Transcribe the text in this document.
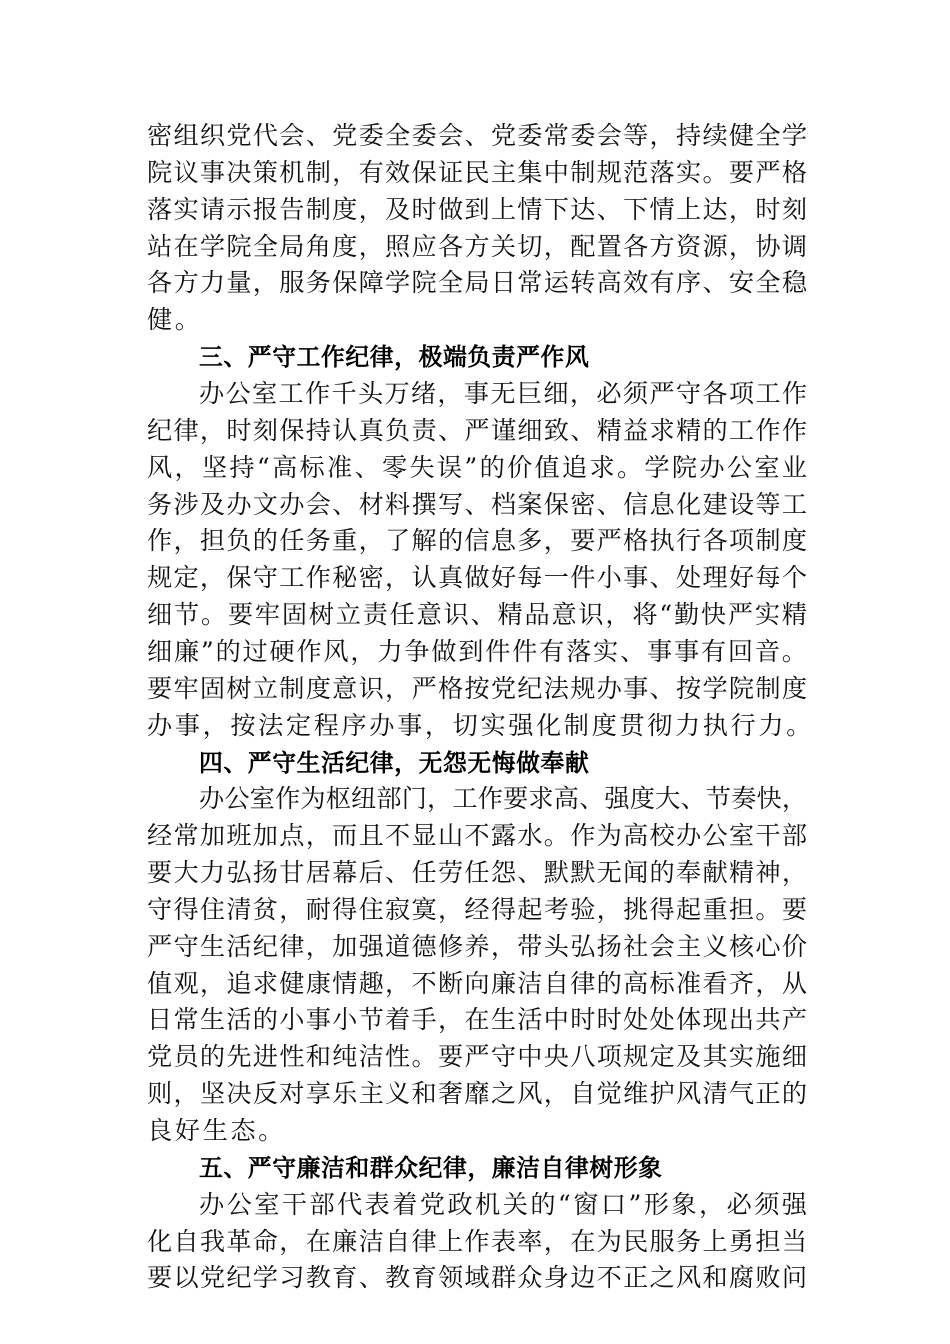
密组织党代会、党委全委会、党委常委会等，持续健全学
院议事决策机制，有效保证民主集中制规范落实。要严格
落实请示报告制度，及时做到上情下达、下情上达，时刻
站在学院全局角度，照应各方关切，配置各方资源，协调
各方力量，服务保障学院全局日常运转高效有序、安全稳
健。
三、严守工作纪律，极端负责严作风
办公室工作千头万绪，事无巨细，必须严守各项工作
纪律，时刻保持认真负责、严谨细致、精益求精的工作作
风，坚持“高标准、零失误”的价值追求。学院办公室业
务涉及办文办会、材料撰写、档案保密、信息化建设等工
作，担负的任务重，了解的信息多，要严格执行各项制度
规定，保守工作秘密，认真做好每一件小事、处理好每个
细节。要牢固树立责任意识、精品意识，将“勤快严实精
细廉”的过硬作风，力争做到件件有落实、事事有回音。
要牢固树立制度意识，严格按党纪法规办事、按学院制度
办事，按法定程序办事，切实强化制度贯彻力执行力。
四、严守生活纪律，无怨无悔做奉献
办公室作为枢纽部门，工作要求高、强度大、节奏快，
经常加班加点，而且不显山不露水。作为高校办公室干部
要大力弘扬甘居幕后、任劳任怨、默默无闻的奉献精神，
守得住清贫，耐得住寂寞，经得起考验，挑得起重担。要
严守生活纪律，加强道德修养，带头弘扬社会主义核心价
值观，追求健康情趣，不断向廉洁自律的高标准看齐，从
日常生活的小事小节着手，在生活中时时处处体现出共产
党员的先进性和纯洁性。要严守中央八项规定及其实施细
则，坚决反对享乐主义和奢靡之风，自觉维护风清气正的
良好生态。
五、严守廉洁和群众纪律，廉洁自律树形象
办公室干部代表着党政机关的“窗口”形象，必须强
化自我革命，在廉洁自律上作表率，在为民服务上勇担当
要以党纪学习教育、教育领域群众身边不正之风和腐败问
